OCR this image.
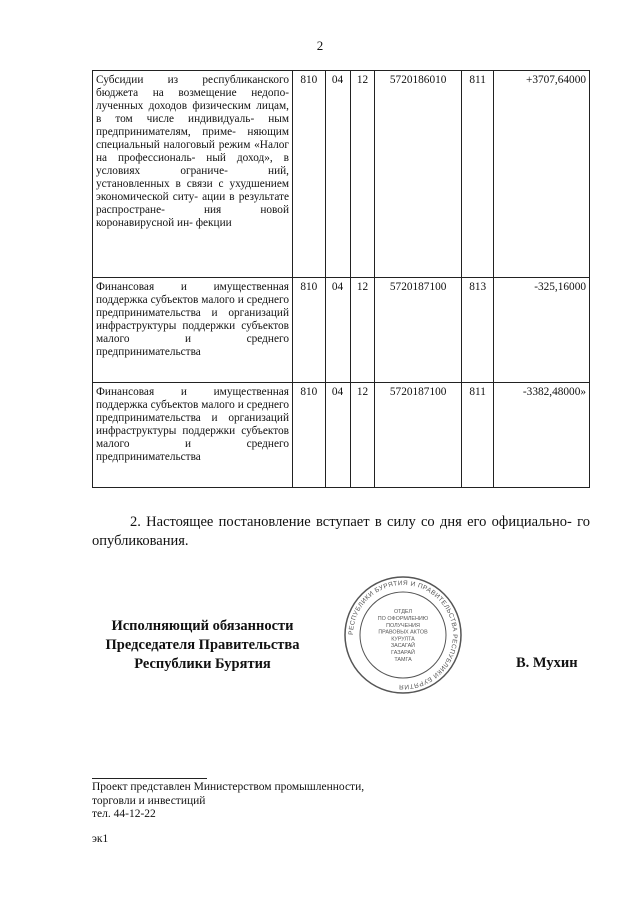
2
Субсидии из республиканского бюджета на возмещение недопо- лученных доходов физическим лицам, в том числе индивидуаль- ным предпринимателям, приме- няющим специальный налоговый режим «Налог на профессиональ- ный доход», в условиях ограниче- ний, установленных в связи с ухудшением экономической ситу- ации в результате распростране- ния новой коронавирусной ин- фекции	810	04	12	5720186010	811	+3707,64000
Финансовая и имущественная поддержка субъектов малого и среднего предпринимательства и организаций инфраструктуры поддержки субъектов малого и среднего предпринимательства	810	04	12	5720187100	813	-325,16000
Финансовая и имущественная поддержка субъектов малого и среднего предпринимательства и организаций инфраструктуры поддержки субъектов малого и среднего предпринимательства	810	04	12	5720187100	811	-3382,48000»
2. Настоящее постановление вступает в силу со дня его официально- го опубликования.
Исполняющий обязанности
Председателя Правительства
Республики Бурятия
РЕСПУБЛИКИ БУРЯТИЯ И ПРАВИТЕЛЬСТВА РЕСПУБЛИКИ БУРЯТИЯ
ОТДЕЛ
ПО ОФОРМЛЕНИЮ
ПОЛУЧЕНИЯ
ПРАВОВЫХ АКТОВ
КУРУЛТА
ЗАСАГАЙ
ГАЗАРАЙ
ТАМГА	В. Мухин
Проект представлен Министерством промышленности,
торговли и инвестиций
тел. 44-12-22
эк1
